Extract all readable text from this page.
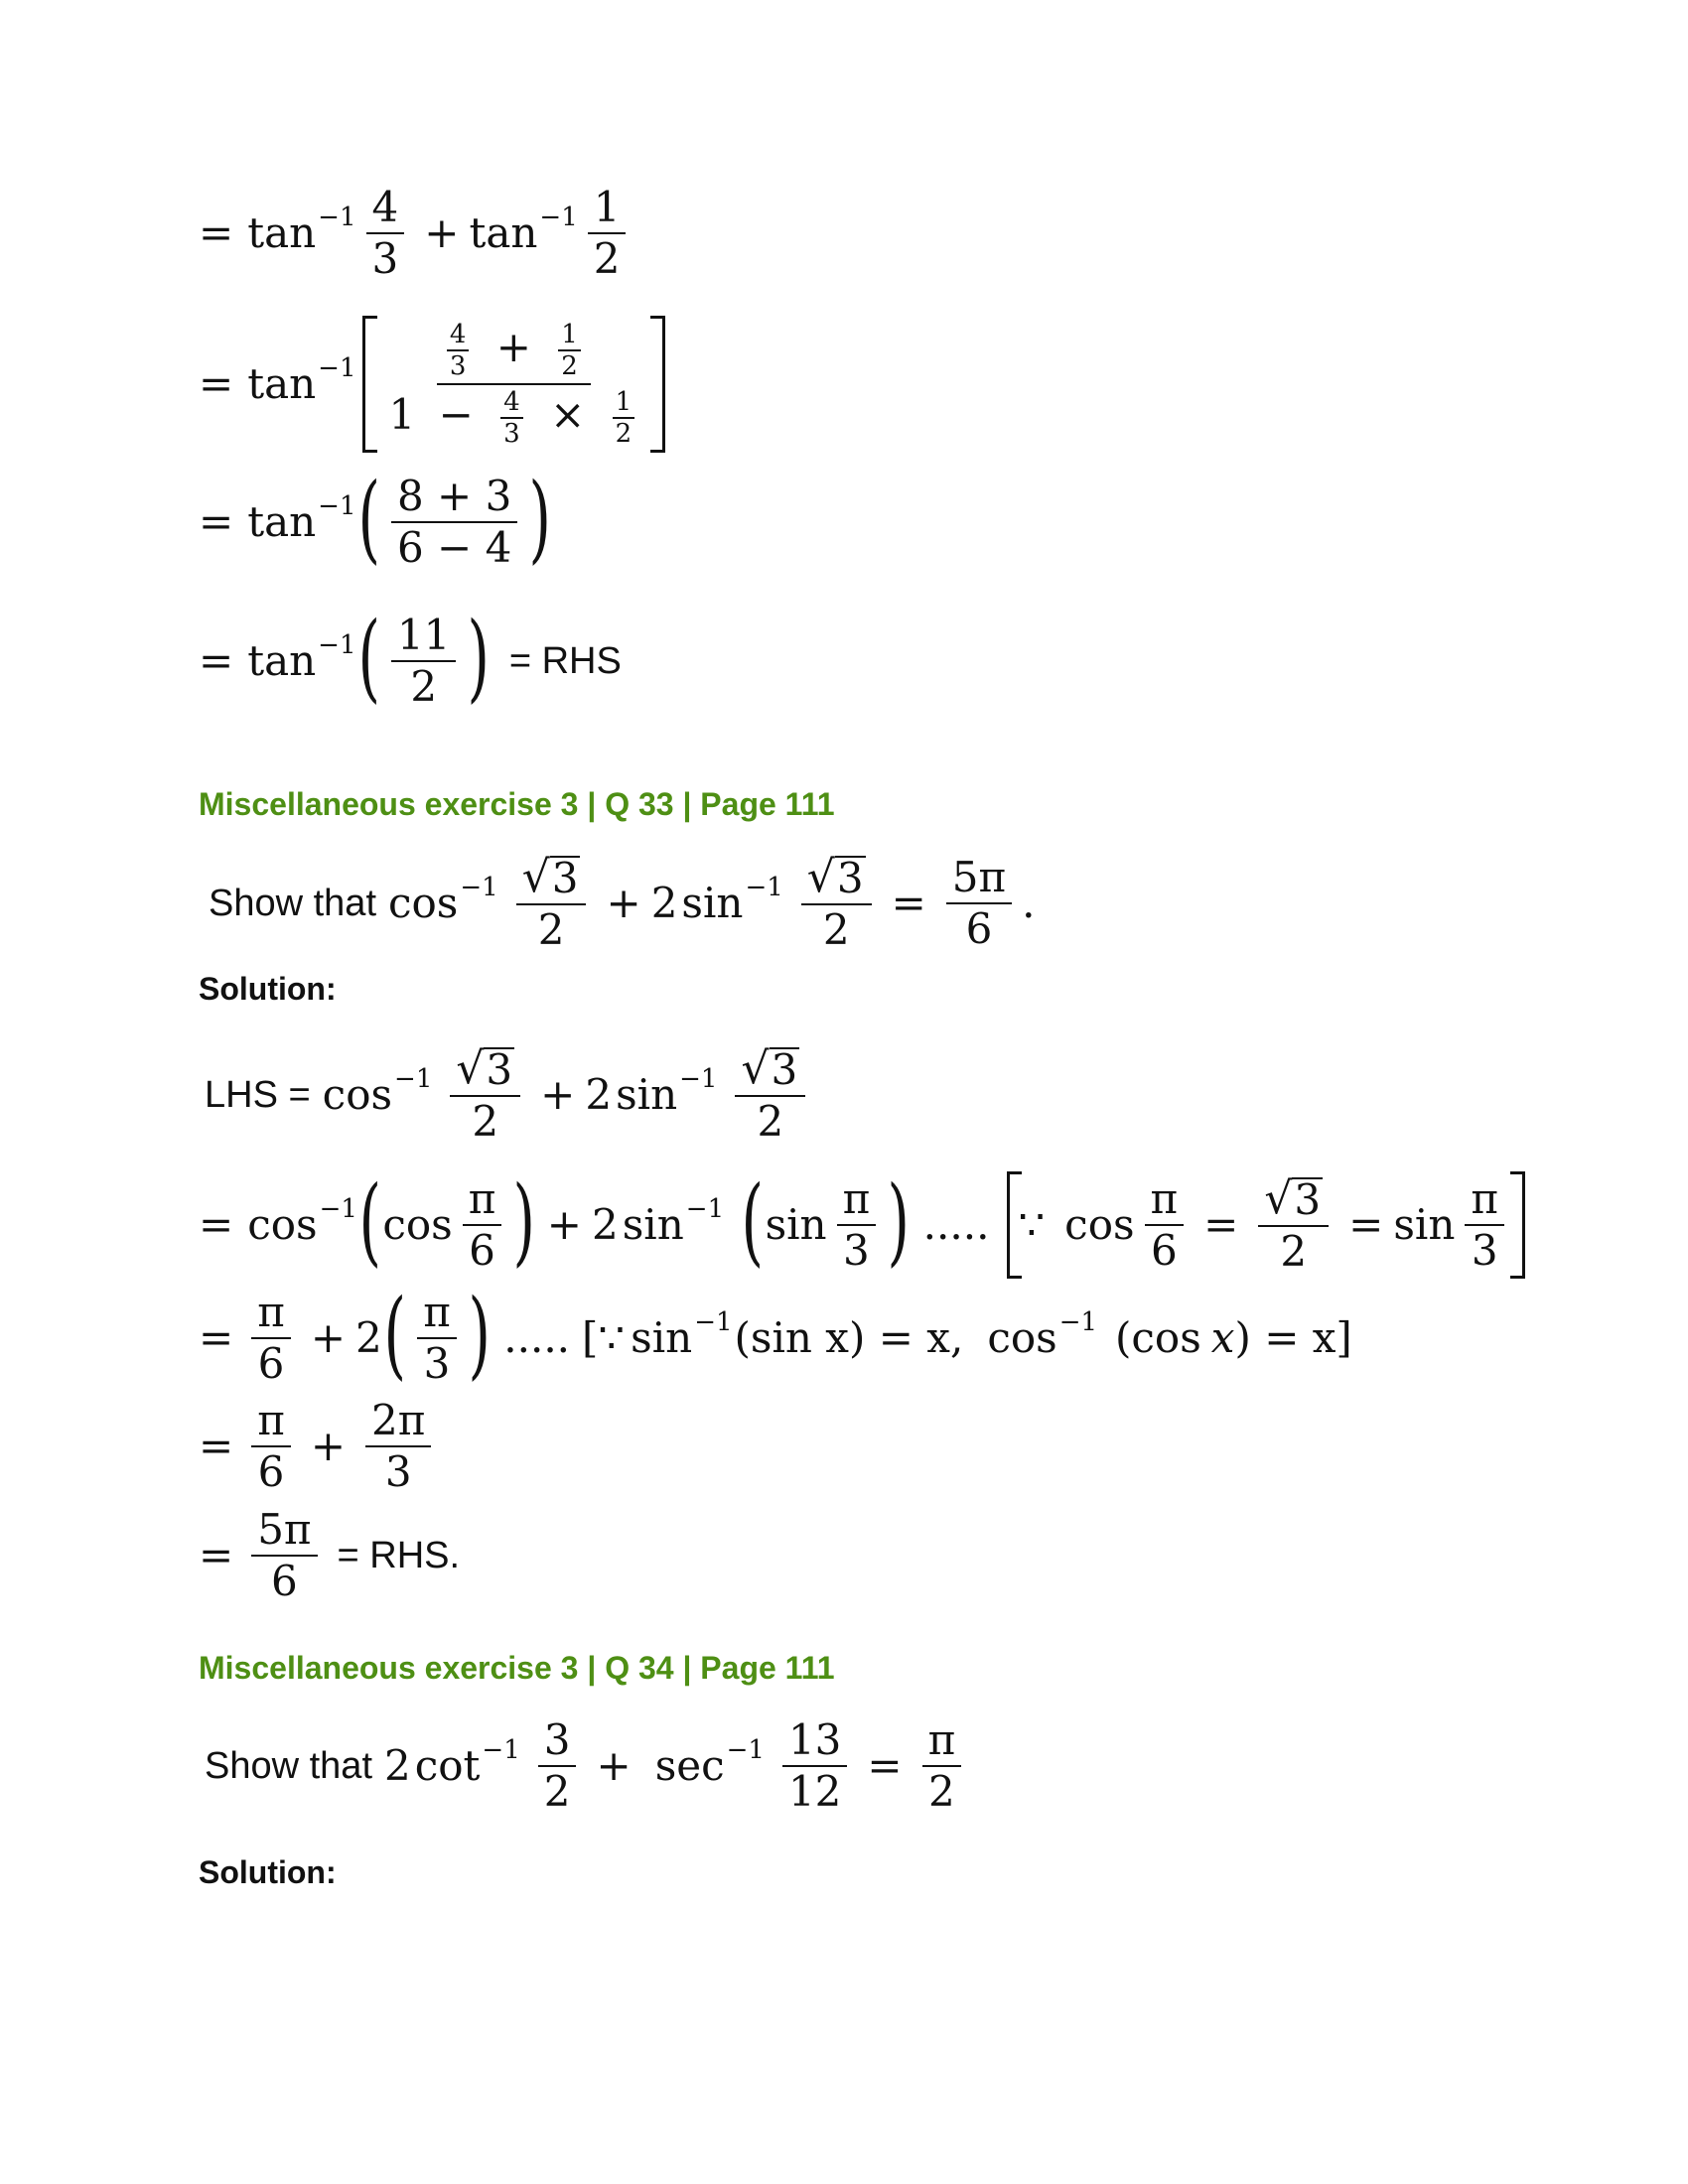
= $\tan^{-1} \frac{4}{3} + \tan^{-1} \frac{1}{2}$
= $\tan^{-1} \frac{\frac{4}{3} + \frac{1}{2}}{1 - \frac{4}{3} \times \frac{1}{2}}$
= $\tan^{-1}$ ( $\frac{8 + 3}{6 - 4}$ )
= $\tan^{-1}$ ( $\frac{11}{2}$ ) = RHS
Miscellaneous exercise 3 | Q 33 | Page 111
Show that $\cos^{-1} \frac{√ 3}{2} + 2$ $\sin^{-1} \frac{√ 3}{2} = \frac{5\pi}{6}$ .
Solution:
LHS = $\cos^{-1} \frac{√ 3}{2} + 2$ $\sin^{-1} \frac{√ 3}{2}$
= $\cos^{-1}$ ( $\cos \frac{\pi}{6}$ ) + 2 $\sin^{-1}$ ( $\sin \frac{\pi}{3}$ ) ..... ∵ $\cos \frac{\pi}{6} = \frac{√ 3}{2} = \sin \frac{\pi}{3}$
= $\frac{\pi}{6} + 2$ ( $\frac{\pi}{3}$ ) ..... [ ∵ $\sin^{-1} (\sin$ x) = x, $\cos^{-1} (\cos$ x ) = x ]
= $\frac{\pi}{6} + \frac{2\pi}{3}$
= $\frac{5\pi}{6}$ = RHS.
Miscellaneous exercise 3 | Q 34 | Page 111
Show that 2 $\cot^{-1} \frac{3}{2} + \sec^{-1} \frac{13}{12} = \frac{\pi}{2}$
Solution:
